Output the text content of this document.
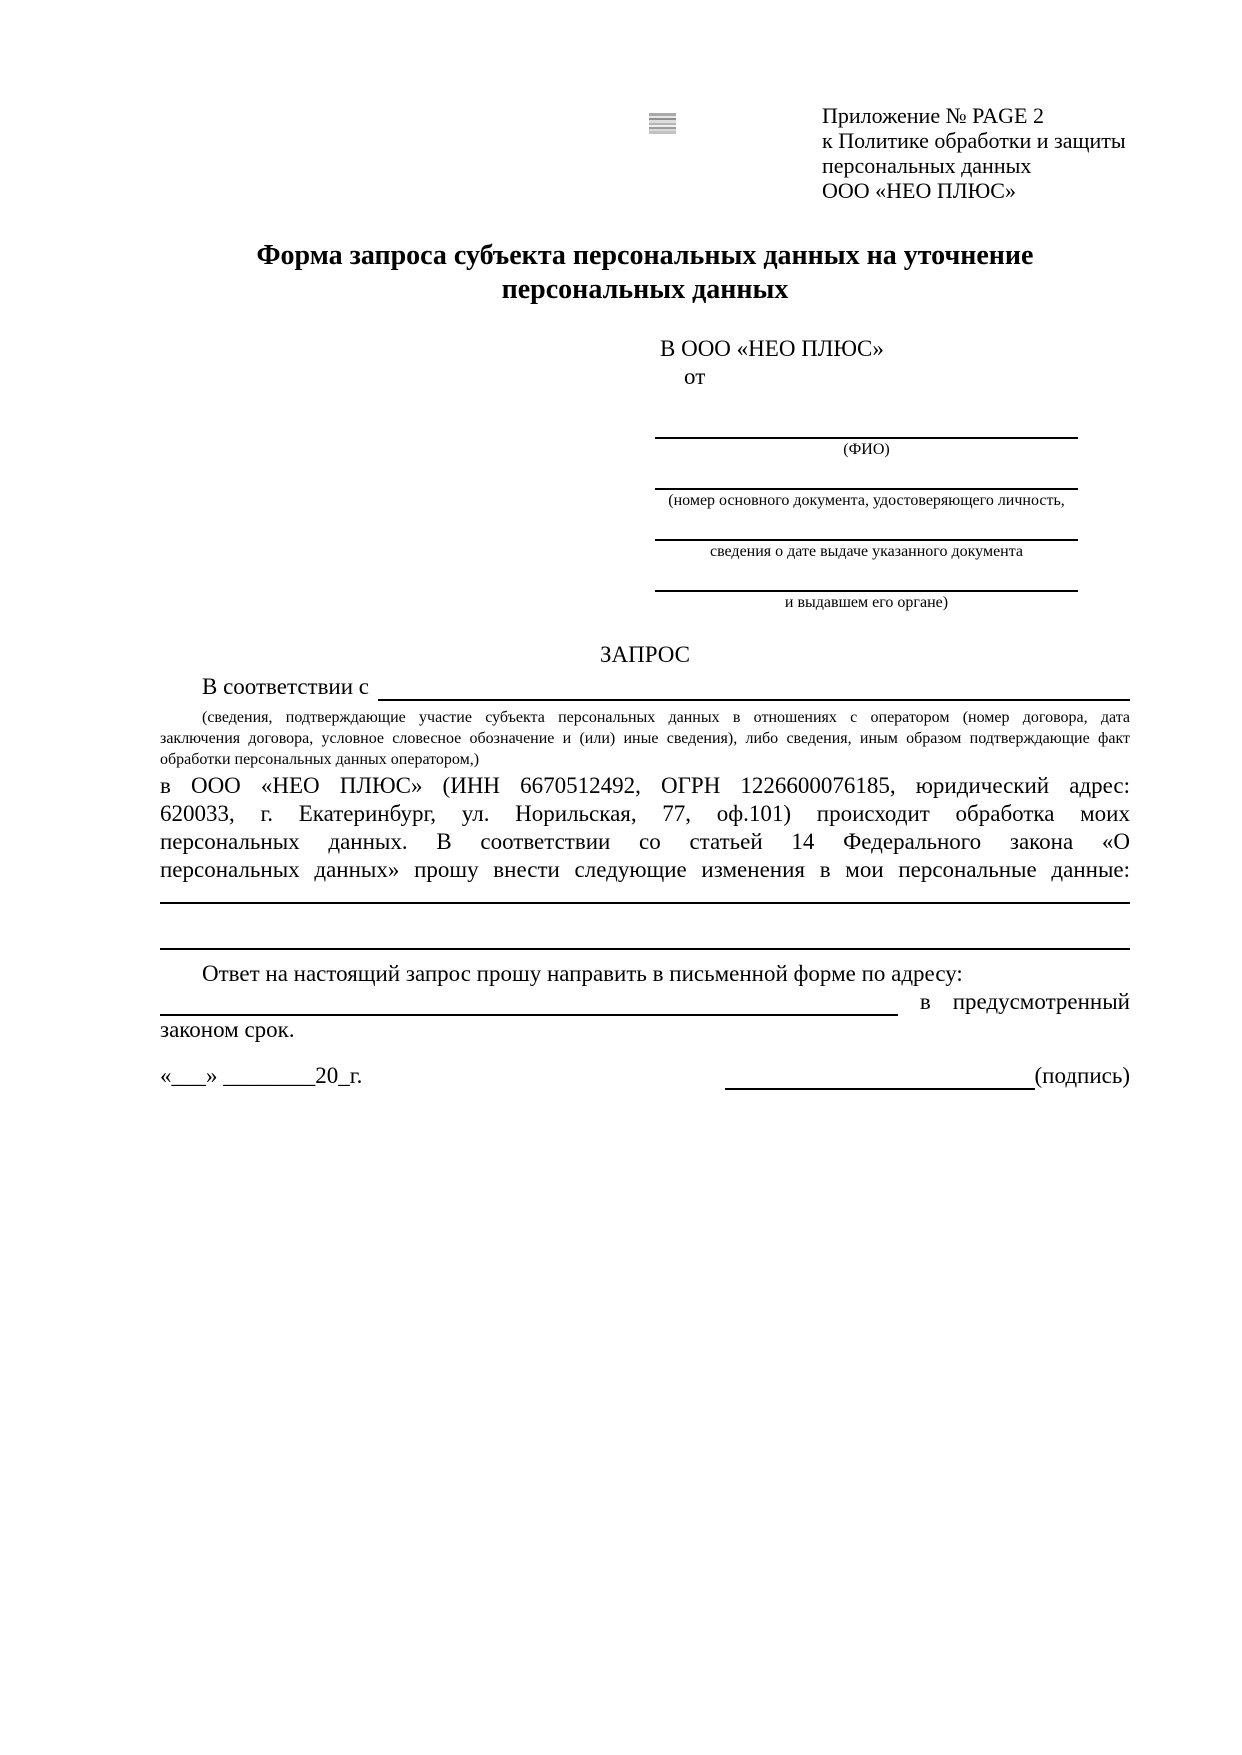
Приложение № PAGE 2
к Политике обработки и защиты
персональных данных
ООО «НЕО ПЛЮС»
Форма запроса субъекта персональных данных на уточнение
персональных данных
В ООО «НЕО ПЛЮС»
от
(ФИО)
(номер основного документа, удостоверяющего личность,
сведения о дате выдаче указанного документа
и выдавшем его органе)
ЗАПРОС
В соответствии с
(сведения, подтверждающие участие субъекта персональных данных в отношениях с оператором (номер договора, дата
заключения договора, условное словесное обозначение и (или) иные сведения), либо сведения, иным образом подтверждающие факт
обработки персональных данных оператором,)
в ООО «НЕО ПЛЮС» (ИНН 6670512492, ОГРН 1226600076185, юридический адрес:
620033, г. Екатеринбург, ул. Норильская, 77, оф.101) происходит обработка моих
персональных данных. В соответствии со статьей 14 Федерального закона «О
персональных данных» прошу внести следующие изменения в мои персональные данные:
Ответ на настоящий запрос прошу направить в письменной форме по адресу:
в предусмотренный
законом срок.
«___» ________20_г.	(подпись)
